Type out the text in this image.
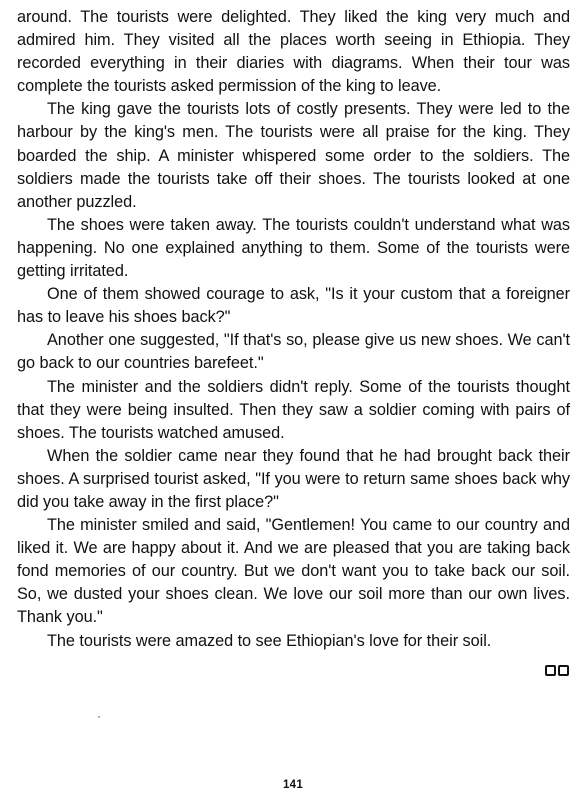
around. The tourists were delighted. They liked the king very much and admired him. They visited all the places worth seeing in Ethiopia. They recorded everything in their diaries with diagrams. When their tour was complete the tourists asked permission of the king to leave.

The king gave the tourists lots of costly presents. They were led to the harbour by the king's men. The tourists were all praise for the king. They boarded the ship. A minister whispered some order to the soldiers. The soldiers made the tourists take off their shoes. The tourists looked at one another puzzled.

The shoes were taken away. The tourists couldn't understand what was happening. No one explained anything to them. Some of the tourists were getting irritated.

One of them showed courage to ask, "Is it your custom that a foreigner has to leave his shoes back?"

Another one suggested, "If that's so, please give us new shoes. We can't go back to our countries barefeet."

The minister and the soldiers didn't reply. Some of the tourists thought that they were being insulted. Then they saw a soldier coming with pairs of shoes. The tourists watched amused.

When the soldier came near they found that he had brought back their shoes. A surprised tourist asked, "If you were to return same shoes back why did you take away in the first place?"

The minister smiled and said, "Gentlemen! You came to our country and liked it. We are happy about it. And we are pleased that you are taking back fond memories of our country. But we don't want you to take back our soil. So, we dusted your shoes clean. We love our soil more than our own lives. Thank you."

The tourists were amazed to see Ethiopian's love for their soil.

141
